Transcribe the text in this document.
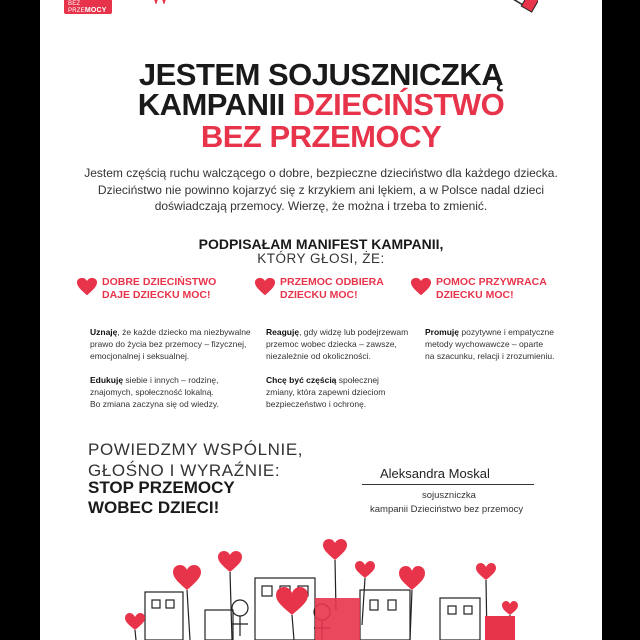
BEZ PRZEMOCY

JESTEM SOJUSZNICZKĄ

KAMPANII DZIECIŃSTWO

BEZ PRZEMOCY

Jestem częścią ruchu walczącego o dobre, bezpieczne dzieciństwo dla każdego dziecka.
Dzieciństwo nie powinno kojarzyć się z krzykiem ani lękiem, a w Polsce nadal dzieci
doświadczają przemocy. Wierzę, że można i trzeba to zmienić.

PODPISAŁAM MANIFEST KAMPANII,

KTÓRY GŁOSI, ŻE:

DOBRE DZIECIŃSTWO
DAJE DZIECKU MOC!

PRZEMOC ODBIERA
DZIECKU MOC!

POMOC PRZYWRACA
DZIECKU MOC!

Uznaję, że każde dziecko ma niezbywalne
prawo do życia bez przemocy – fizycznej,
emocjonalnej i seksualnej.

Edukuję siebie i innych – rodzinę,
znajomych, społeczność lokalną.
Bo zmiana zaczyna się od wiedzy.

Reaguję, gdy widzę lub podejrzewam
przemoc wobec dziecka – zawsze,
niezależnie od okoliczności.

Chcę być częścią społecznej
zmiany, która zapewni dzieciom
bezpieczeństwo i ochronę.

Promuję pozytywne i empatyczne
metody wychowawcze – oparte
na szacunku, relacji i zrozumieniu.

POWIEDZMY WSPÓLNIE,

GŁOŚNO I WYRAŹNIE:

STOP PRZEMOCY

WOBEC DZIECI!

Aleksandra Moskal

sojuszniczka

kampanii Dzieciństwo bez przemocy
